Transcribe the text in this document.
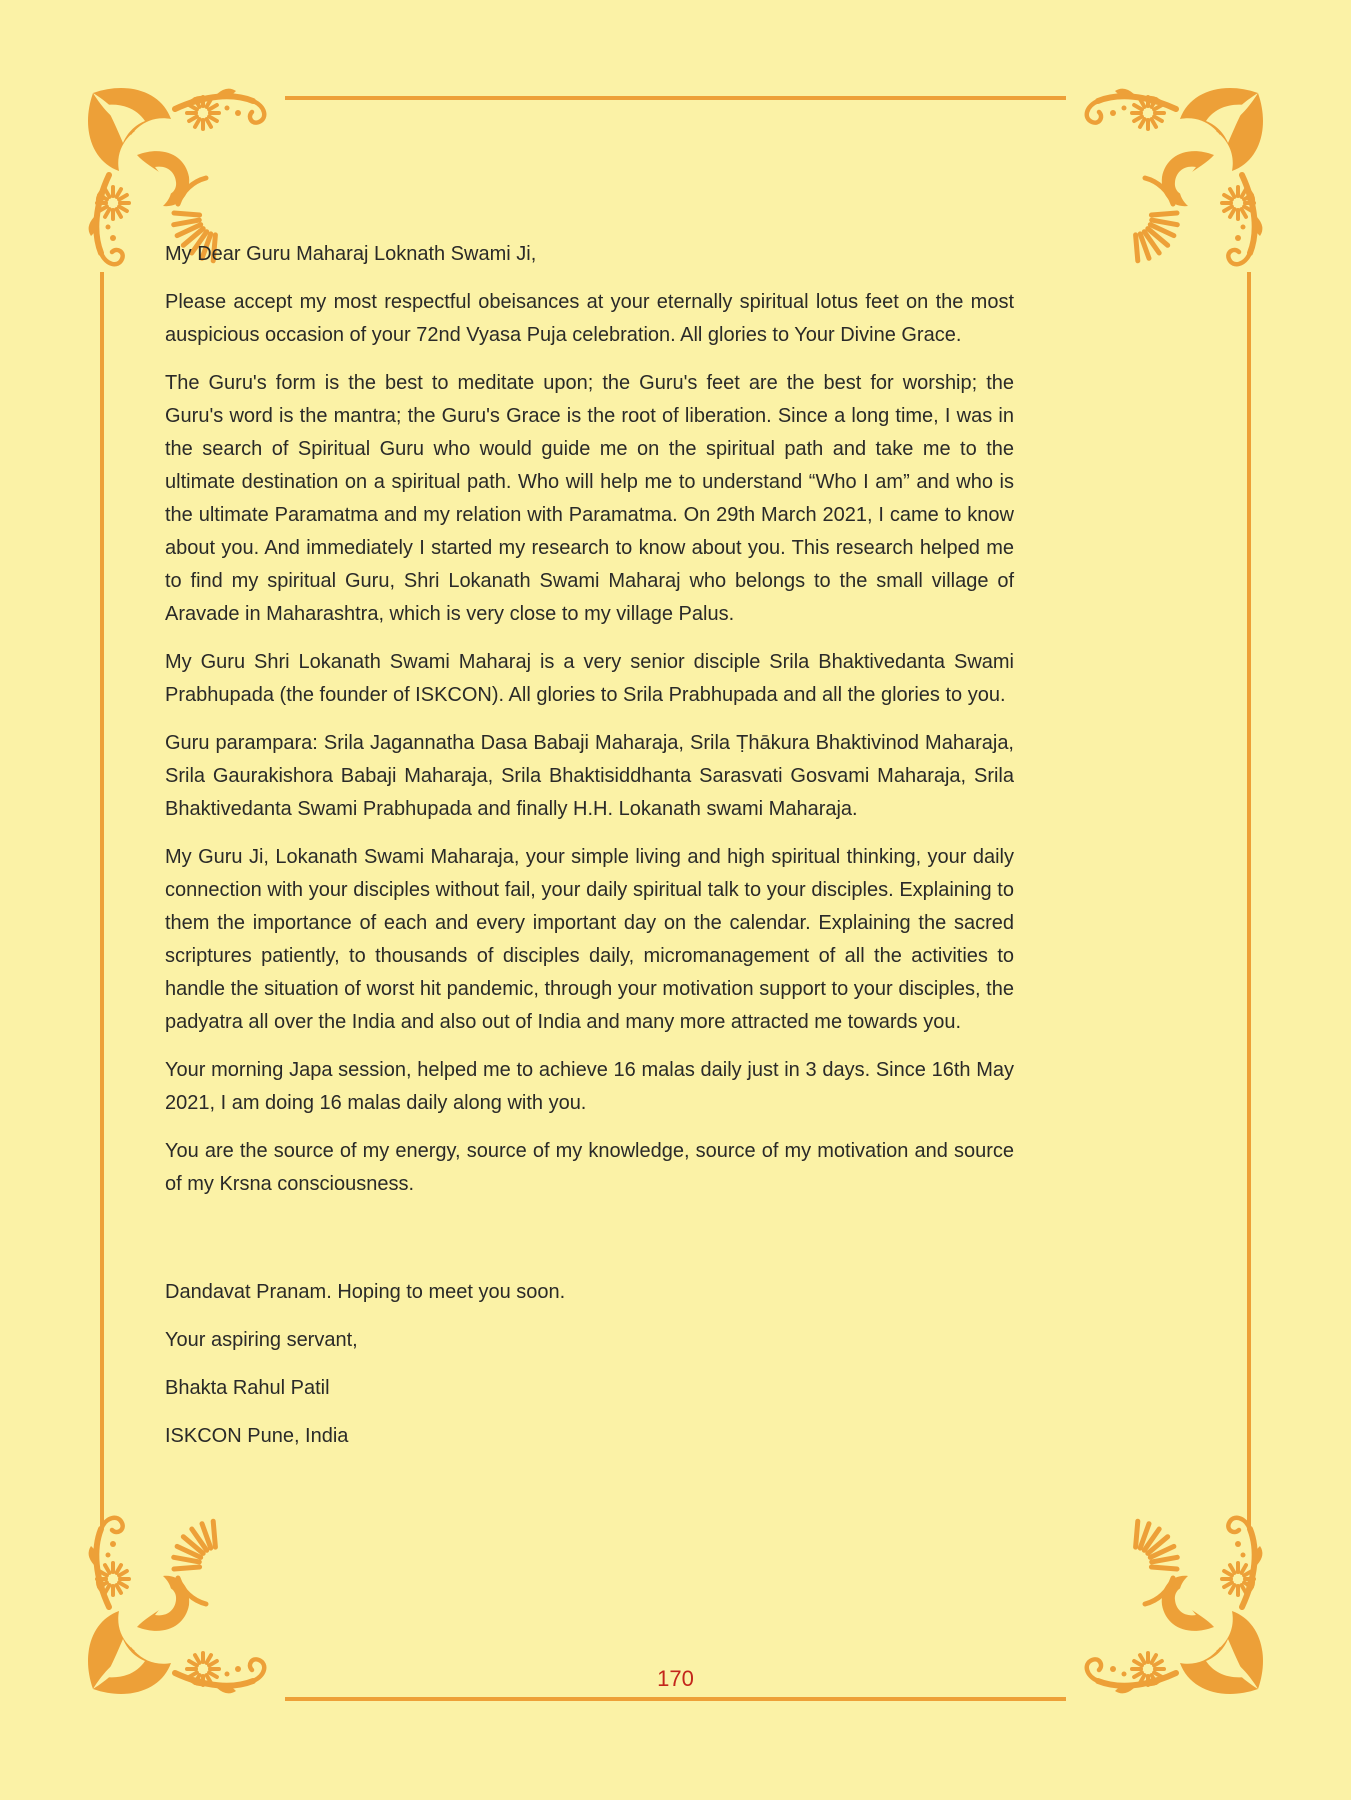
My Dear Guru Maharaj Loknath Swami Ji,

Please accept my most respectful obeisances at your eternally spiritual lotus feet on the most auspicious occasion of your 72nd Vyasa Puja celebration. All glories to Your Divine Grace.

The Guru's form is the best to meditate upon; the Guru's feet are the best for worship; the Guru's word is the mantra; the Guru's Grace is the root of liberation. Since a long time, I was in the search of Spiritual Guru who would guide me on the spiritual path and take me to the ultimate destination on a spiritual path. Who will help me to understand “Who I am” and who is the ultimate Paramatma and my relation with Paramatma. On 29th March 2021, I came to know about you. And immediately I started my research to know about you. This research helped me to find my spiritual Guru, Shri Lokanath Swami Maharaj who belongs to the small village of Aravade in Maharashtra, which is very close to my village Palus.

My Guru Shri Lokanath Swami Maharaj is a very senior disciple Srila Bhaktivedanta Swami Prabhupada (the founder of ISKCON). All glories to Srila Prabhupada and all the glories to you.

Guru parampara: Srila Jagannatha Dasa Babaji Maharaja, Srila Ṭhākura Bhaktivinod Maharaja, Srila Gaurakishora Babaji Maharaja, Srila Bhaktisiddhanta Sarasvati Gosvami Maharaja, Srila Bhaktivedanta Swami Prabhupada and finally H.H. Lokanath swami Maharaja.

My Guru Ji, Lokanath Swami Maharaja, your simple living and high spiritual thinking, your daily connection with your disciples without fail, your daily spiritual talk to your disciples. Explaining to them the importance of each and every important day on the calendar. Explaining the sacred scriptures patiently, to thousands of disciples daily, micromanagement of all the activities to handle the situation of worst hit pandemic, through your motivation support to your disciples, the padyatra all over the India and also out of India and many more attracted me towards you.

Your morning Japa session, helped me to achieve 16 malas daily just in 3 days. Since 16th May 2021, I am doing 16 malas daily along with you.

You are the source of my energy, source of my knowledge, source of my motivation and source of my Krsna consciousness.

Dandavat Pranam. Hoping to meet you soon.

Your aspiring servant,

Bhakta Rahul Patil

ISKCON Pune, India

170
